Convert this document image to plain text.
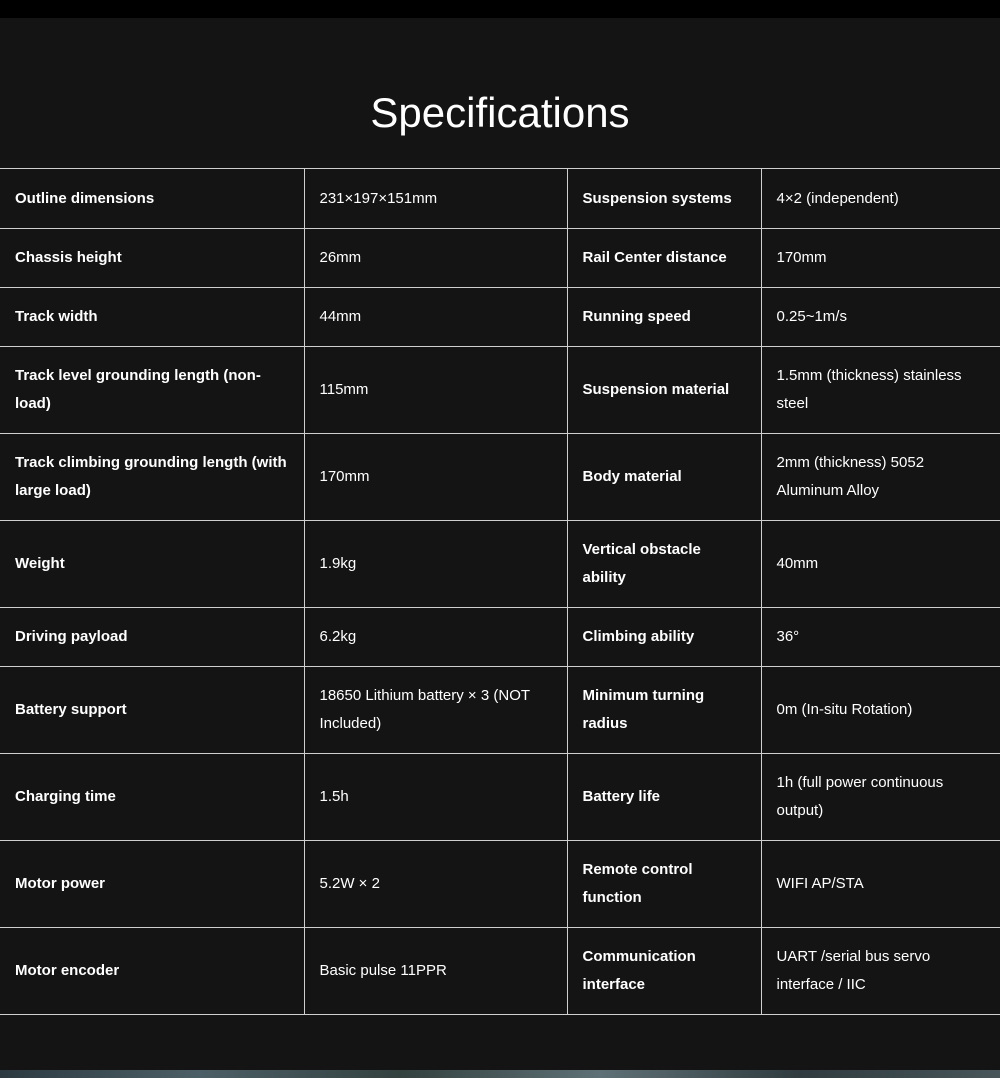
Specifications
Outline dimensions	231×197×151mm	Suspension systems	4×2 (independent)
Chassis height	26mm	Rail Center distance	170mm
Track width	44mm	Running speed	0.25~1m/s
Track level grounding length (non-load)	115mm	Suspension material	1.5mm (thickness) stainless steel
Track climbing grounding length (with large load)	170mm	Body material	2mm (thickness) 5052 Aluminum Alloy
Weight	1.9kg	Vertical obstacle ability	40mm
Driving payload	6.2kg	Climbing ability	36°
Battery support	18650 Lithium battery × 3 (NOT Included)	Minimum turning radius	0m (In-situ Rotation)
Charging time	1.5h	Battery life	1h (full power continuous output)
Motor power	5.2W × 2	Remote control function	WIFI AP/STA
Motor encoder	Basic pulse 11PPR	Communication interface	UART /serial bus servo interface / IIC
